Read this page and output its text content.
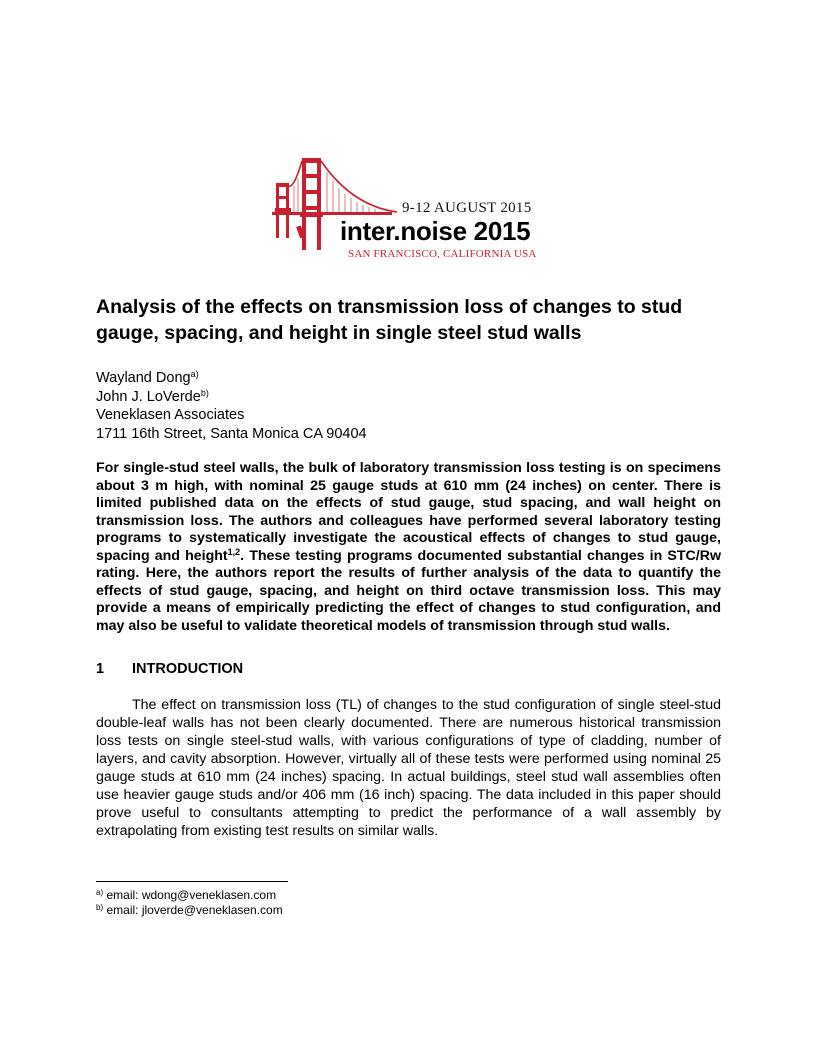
9-12 AUGUST 2015
inter.noise 2015
SAN FRANCISCO, CALIFORNIA USA
Analysis of the effects on transmission loss of changes to stud gauge, spacing, and height in single steel stud walls
Wayland Dong$^{a)}$
John J. LoVerde$^{b)}$
Veneklasen Associates
1711 16th Street, Santa Monica CA 90404

For single-stud steel walls, the bulk of laboratory transmission loss testing is on specimens about 3 m high, with nominal 25 gauge studs at 610 mm (24 inches) on center. There is limited published data on the effects of stud gauge, stud spacing, and wall height on transmission loss. The authors and colleagues have performed several laboratory testing programs to systematically investigate the acoustical effects of changes to stud gauge, spacing and height$^{1,2}$. These testing programs documented substantial changes in STC/Rw rating. Here, the authors report the results of further analysis of the data to quantify the effects of stud gauge, spacing, and height on third octave transmission loss. This may provide a means of empirically predicting the effect of changes to stud configuration, and may also be useful to validate theoretical models of transmission through stud walls.

1 INTRODUCTION

The effect on transmission loss (TL) of changes to the stud configuration of single steel-stud double-leaf walls has not been clearly documented. There are numerous historical transmission loss tests on single steel-stud walls, with various configurations of type of cladding, number of layers, and cavity absorption. However, virtually all of these tests were performed using nominal 25 gauge studs at 610 mm (24 inches) spacing. In actual buildings, steel stud wall assemblies often use heavier gauge studs and/or 406 mm (16 inch) spacing. The data included in this paper should prove useful to consultants attempting to predict the performance of a wall assembly by extrapolating from existing test results on similar walls.

$^{a)}$ email: wdong@veneklasen.com
$^{b)}$ email: jloverde@veneklasen.com
